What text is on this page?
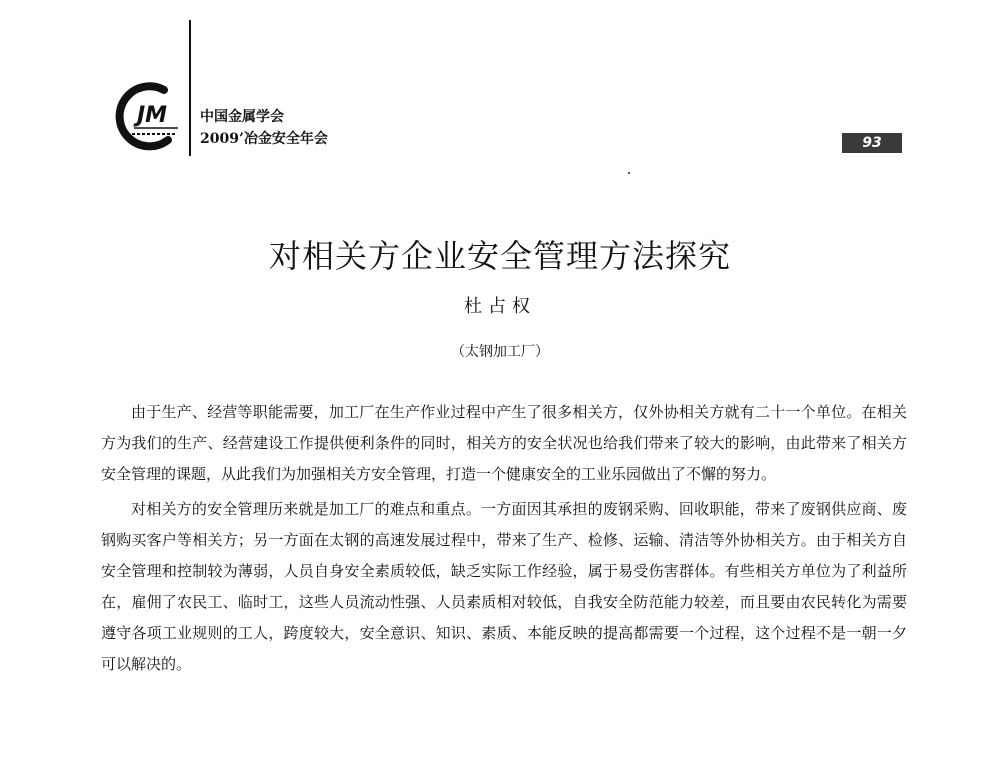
JM 中国金属学会
2009’冶金安全年会	93
对相关方企业安全管理方法探究
杜占权
（太钢加工厂）

由于生产、经营等职能需要，加工厂在生产作业过程中产生了很多相关方，仅外协相关方就有二十一个单位。在相关方为我们的生产、经营建设工作提供便利条件的同时，相关方的安全状况也给我们带来了较大的影响，由此带来了相关方安全管理的课题，从此我们为加强相关方安全管理，打造一个健康安全的工业乐园做出了不懈的努力。

对相关方的安全管理历来就是加工厂的难点和重点。一方面因其承担的废钢采购、回收职能，带来了废钢供应商、废钢购买客户等相关方；另一方面在太钢的高速发展过程中，带来了生产、检修、运输、清洁等外协相关方。由于相关方自安全管理和控制较为薄弱，人员自身安全素质较低，缺乏实际工作经验，属于易受伤害群体。有些相关方单位为了利益所在，雇佣了农民工、临时工，这些人员流动性强、人员素质相对较低，自我安全防范能力较差，而且要由农民转化为需要遵守各项工业规则的工人，跨度较大，安全意识、知识、素质、本能反映的提高都需要一个过程，这个过程不是一朝一夕可以解决的。
